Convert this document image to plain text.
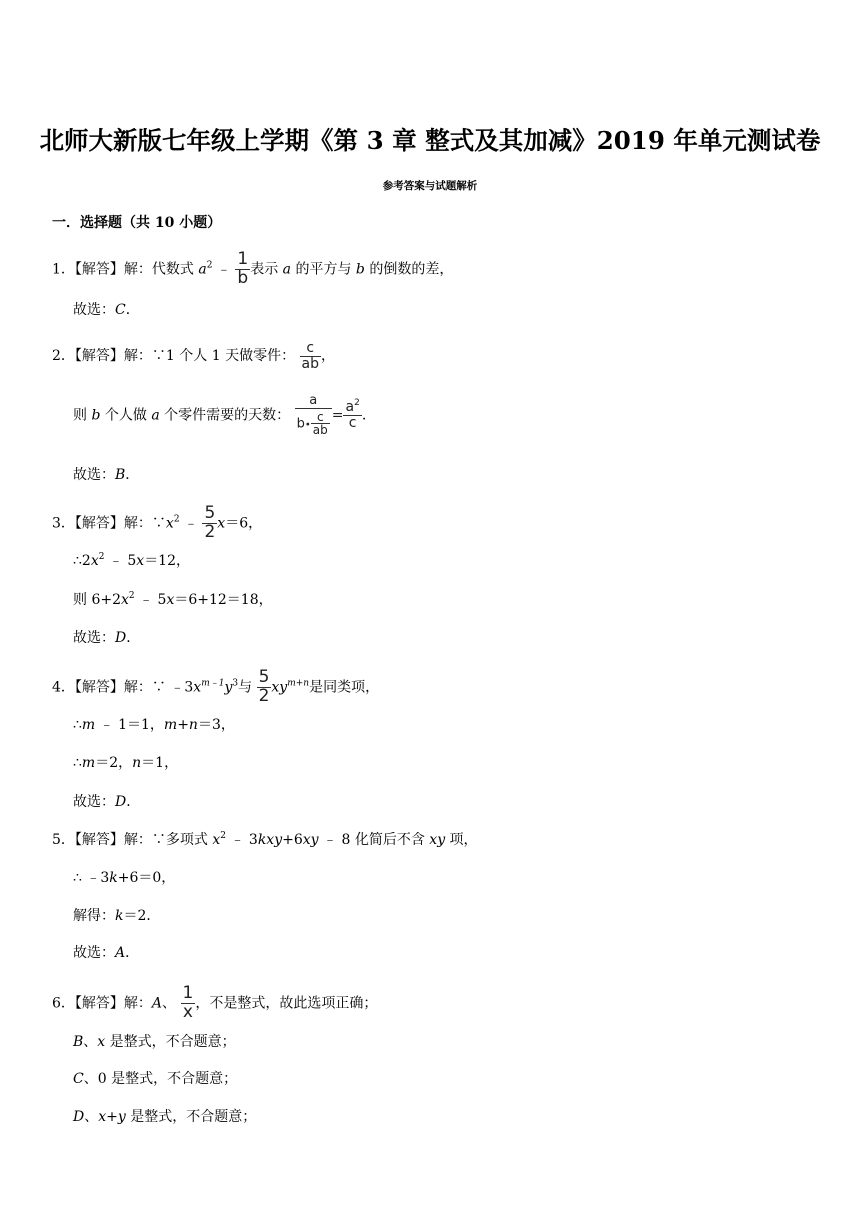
北师大新版七年级上学期《第 3 章 整式及其加减》2019 年单元测试卷
参考答案与试题解析
一．选择题（共 10 小题）
1．【解答】解：代数式 $a^2$ ﹣ $\frac{1}{b}$ 表示 a 的平方与 b 的倒数的差，
故选：C．
2．【解答】解：∵1 个人 1 天做零件： $\frac{c}{ab}$ ，
则 b 个人做 a 个零件需要的天数： $\frac{a}{b• \frac{c}{ab}} = \frac{a^2}{c}$ .
故选：B．
3．【解答】解：$\because x^2$ ﹣ $\frac{5}{2} x=6$，
$\therefore 2x^2$ ﹣ 5x＝12，
则 $6+2x^2$ ﹣ 5x＝6+12＝18，
故选：D．
4．【解答】解：∵ $﹣3x^{m﹣1}y^3$与 $\frac{5}{2} xy^{m+n}$是同类项，
∴m ﹣ 1＝1，m+n＝3，
∴m＝2，n＝1，
故选：D．
5．【解答】解：∵多项式 $x^2$ ﹣ 3kxy+6xy ﹣ 8 化简后不含 xy 项，
∴ ﹣3k+6＝0，
解得：k＝2．
故选：A．
6．【解答】解：A、 $\frac{1}{x}$ ，不是整式，故此选项正确；
B、x 是整式，不合题意；
C、0 是整式，不合题意；
D、x+y 是整式，不合题意；
